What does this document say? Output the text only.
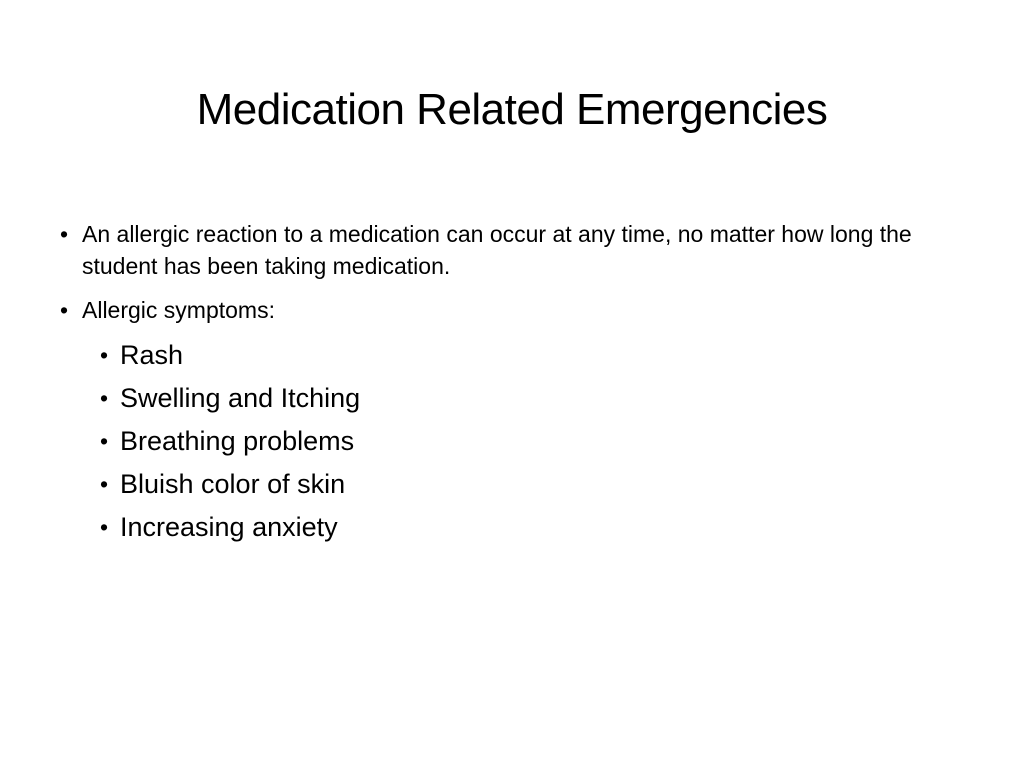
Medication Related Emergencies
• An allergic reaction to a medication can occur at any time, no matter how long the student has been taking medication.
• Allergic symptoms:
• Rash
• Swelling and Itching
• Breathing problems
• Bluish color of skin
• Increasing anxiety
